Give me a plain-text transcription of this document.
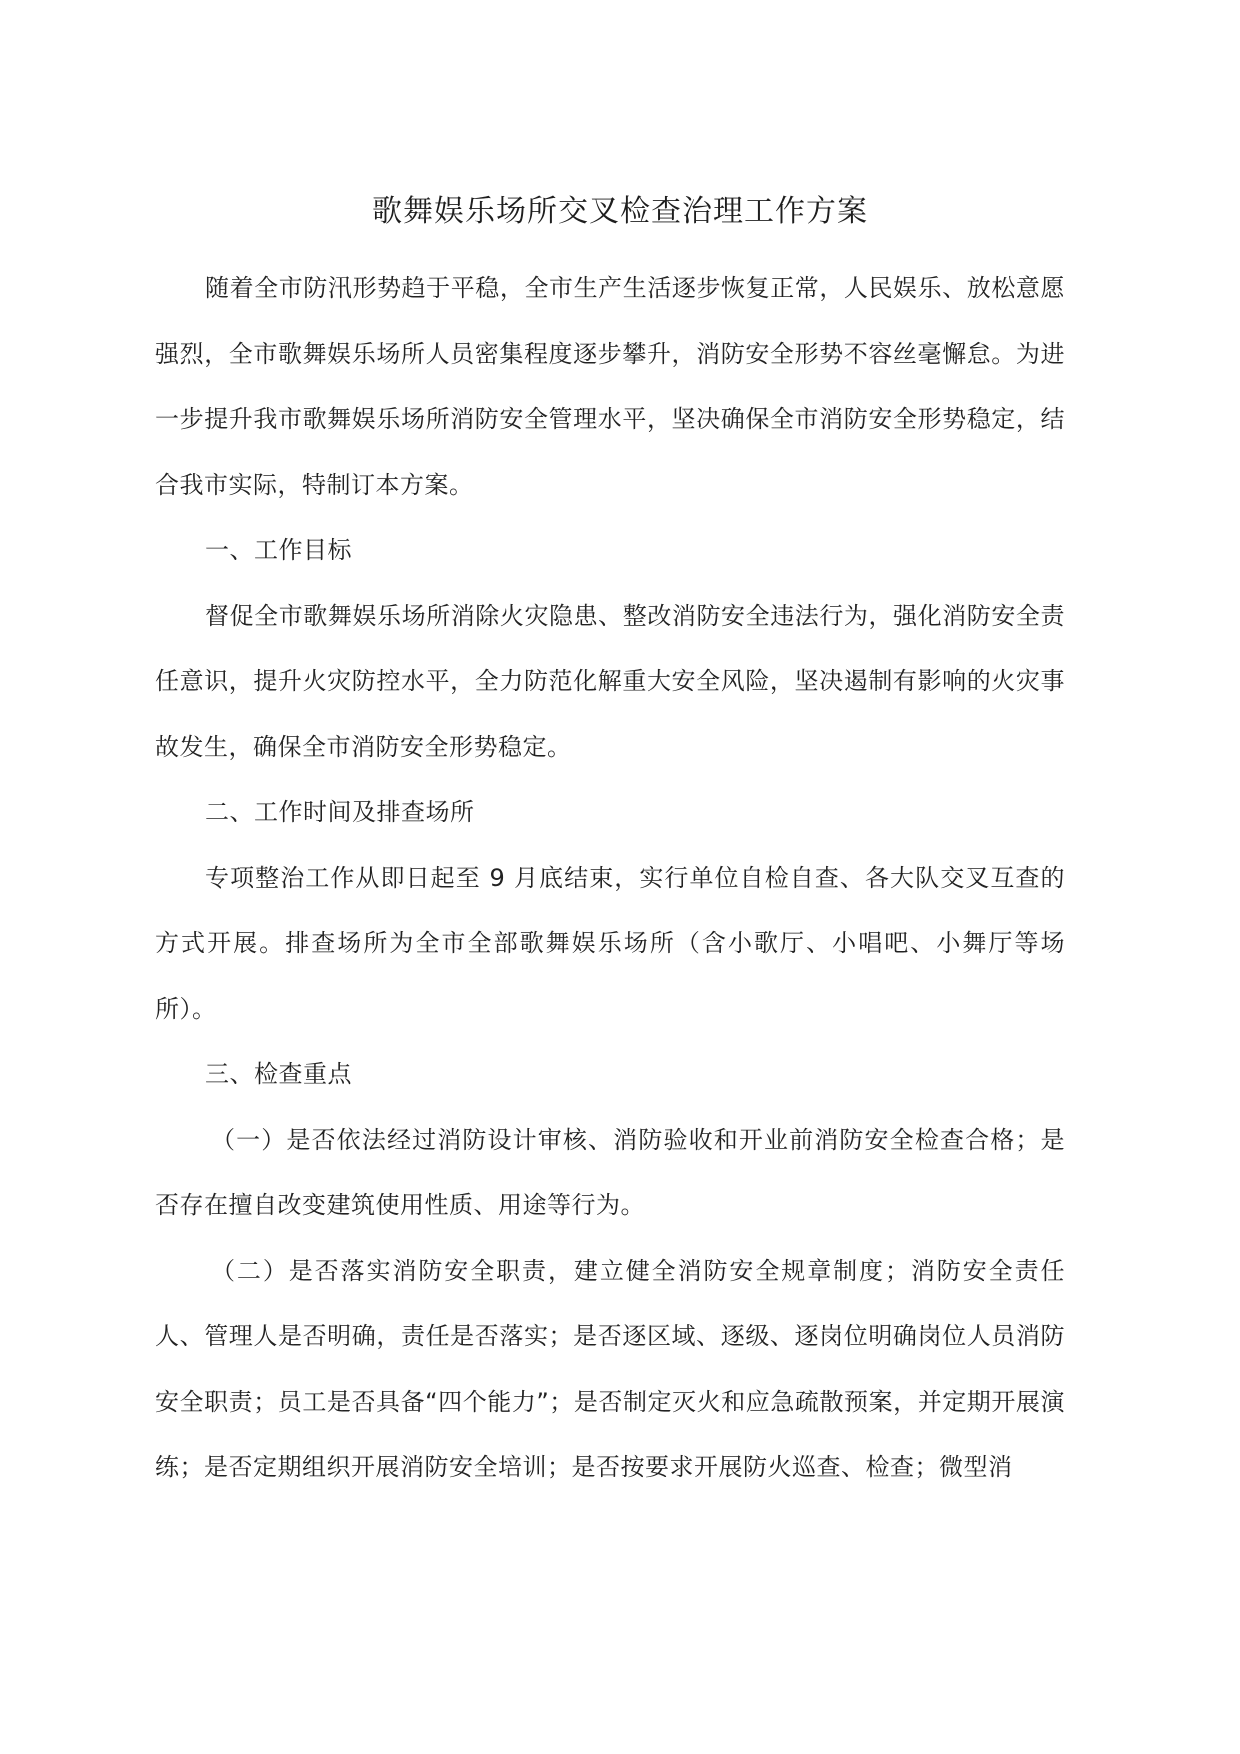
歌舞娱乐场所交叉检查治理工作方案

随着全市防汛形势趋于平稳，全市生产生活逐步恢复正常，人民娱乐、放松意愿强烈，全市歌舞娱乐场所人员密集程度逐步攀升，消防安全形势不容丝毫懈怠。为进一步提升我市歌舞娱乐场所消防安全管理水平，坚决确保全市消防安全形势稳定，结合我市实际，特制订本方案。

一、工作目标

督促全市歌舞娱乐场所消除火灾隐患、整改消防安全违法行为，强化消防安全责任意识，提升火灾防控水平，全力防范化解重大安全风险，坚决遏制有影响的火灾事故发生，确保全市消防安全形势稳定。

二、工作时间及排查场所

专项整治工作从即日起至 9 月底结束，实行单位自检自查、各大队交叉互查的方式开展。排查场所为全市全部歌舞娱乐场所（含小歌厅、小唱吧、小舞厅等场所）。

三、检查重点

（一）是否依法经过消防设计审核、消防验收和开业前消防安全检查合格；是否存在擅自改变建筑使用性质、用途等行为。

（二）是否落实消防安全职责，建立健全消防安全规章制度；消防安全责任人、管理人是否明确，责任是否落实；是否逐区域、逐级、逐岗位明确岗位人员消防安全职责；员工是否具备“四个能力”；是否制定灭火和应急疏散预案，并定期开展演练；是否定期组织开展消防安全培训；是否按要求开展防火巡查、检查；微型消
